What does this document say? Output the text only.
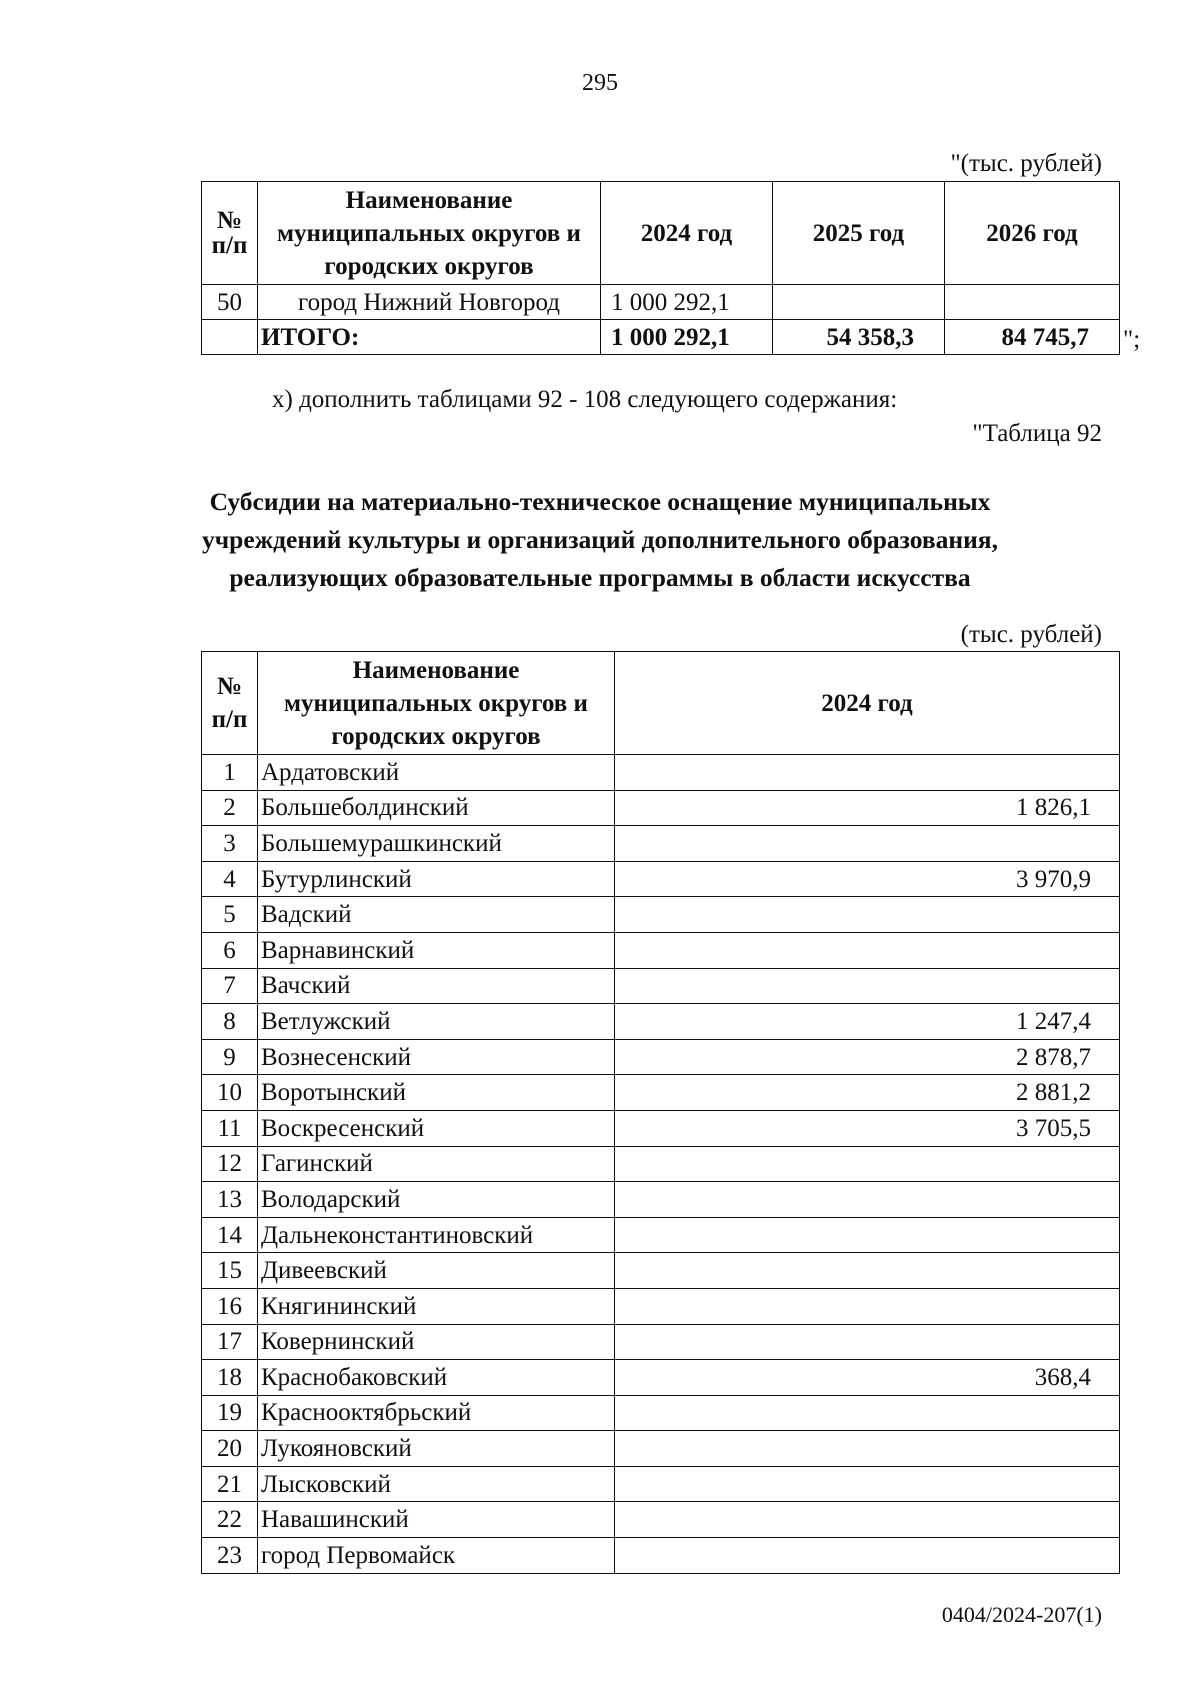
295
"(тыс. рублей)
№ п/п	Наименование муниципальных округов и городских округов	2024 год	2025 год	2026 год
50	город Нижний Новгород	1 000 292,1		
	ИТОГО:	1 000 292,1	54 358,3	84 745,7 ";
х) дополнить таблицами 92 - 108 следующего содержания:
"Таблица 92
Субсидии на материально-техническое оснащение муниципальных
учреждений культуры и организаций дополнительного образования,
реализующих образовательные программы в области искусства
(тыс. рублей)
№ п/п	Наименование муниципальных округов и городских округов	2024 год
1	Ардатовский	
2	Большеболдинский	1 826,1
3	Большемурашкинский	
4	Бутурлинский	3 970,9
5	Вадский	
6	Варнавинский	
7	Вачский	
8	Ветлужский	1 247,4
9	Вознесенский	2 878,7
10	Воротынский	2 881,2
11	Воскресенский	3 705,5
12	Гагинский	
13	Володарский	
14	Дальнеконстантиновский	
15	Дивеевский	
16	Княгининский	
17	Ковернинский	
18	Краснобаковский	368,4
19	Краснооктябрьский	
20	Лукояновский	
21	Лысковский	
22	Навашинский	
23	город Первомайск	
0404/2024-207(1)
